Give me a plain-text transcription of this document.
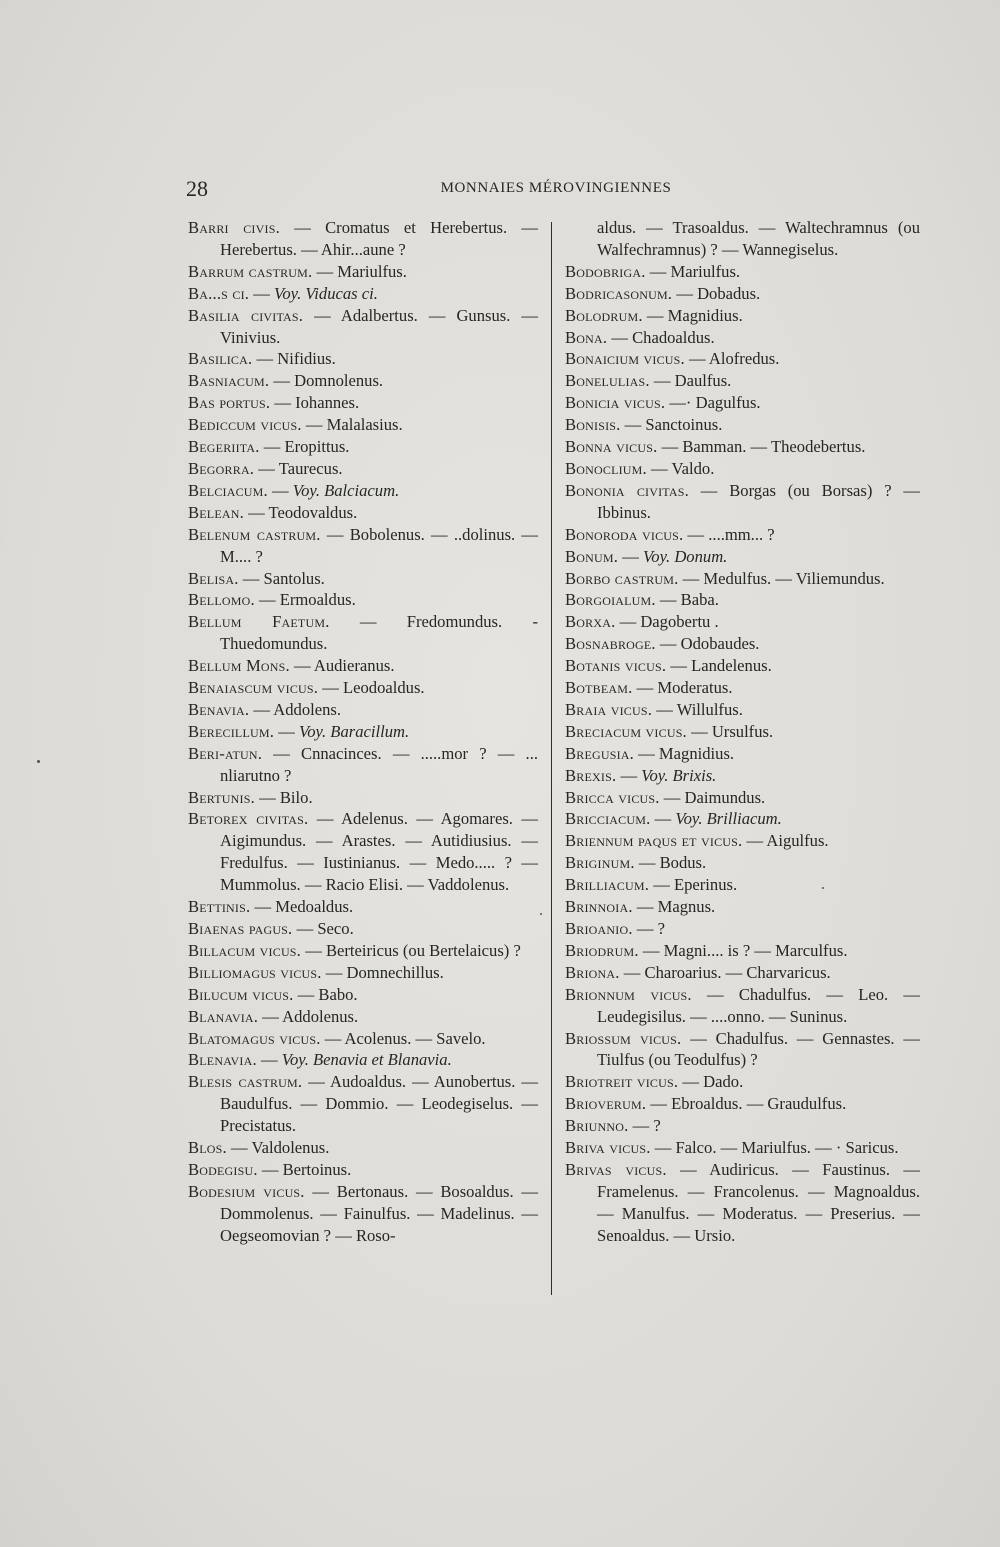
28	MONNAIES MÉROVINGIENNES

Barri civis. — Cromatus et Herebertus. — Herebertus. — Ahir...aune ?

Barrum castrum. — Mariulfus.

Ba...s ci. — Voy. Viducas ci.

Basilia civitas. — Adalbertus. — Gunsus. — Vinivius.

Basilica. — Nifidius.

Basniacum. — Domnolenus.

Bas portus. — Iohannes.

Bediccum vicus. — Malalasius.

Begeriita. — Eropittus.

Begorra. — Taurecus.

Belciacum. — Voy. Balciacum.

Belean. — Teodovaldus.

Belenum castrum. — Bobolenus. — ..dolinus. — M.... ?

Belisa. — Santolus.

Bellomo. — Ermoaldus.

Bellum Faetum. — Fredomundus. - Thuedomundus.

Bellum Mons. — Audieranus.

Benaiascum vicus. — Leodoaldus.

Benavia. — Addolens.

Berecillum. — Voy. Baracillum.

Beri-atun. — Cnnacinces. — .....mor ? — ... nliarutno ?

Bertunis. — Bilo.

Betorex civitas. — Adelenus. — Agomares. — Aigimundus. — Arastes. — Autidiusius. — Fredulfus. — Iustinianus. — Medo..... ? — Mummolus. — Racio Elisi. — Vaddolenus.

Bettinis. — Medoaldus.

Biaenas pagus. — Seco.

Billacum vicus. — Berteiricus (ou Bertelaicus) ?

Billiomagus vicus. — Domnechillus.

Bilucum vicus. — Babo.

Blanavia. — Addolenus.

Blatomagus vicus. — Acolenus. — Savelo.

Blenavia. — Voy. Benavia et Blanavia.

Blesis castrum. — Audoaldus. — Aunobertus. — Baudulfus. — Dommio. — Leodegiselus. — Precistatus.

Blos. — Valdolenus.

Bodegisu. — Bertoinus.

Bodesium vicus. — Bertonaus. — Bosoaldus. — Dommolenus. — Fainulfus. — Madelinus. — Oegseomovian ? — Roso-

aldus. — Trasoaldus. — Waltechramnus (ou Walfechramnus) ? — Wannegiselus.

Bodobriga. — Mariulfus.

Bodricasonum. — Dobadus.

Bolodrum. — Magnidius.

Bona. — Chadoaldus.

Bonaicium vicus. — Alofredus.

Bonelulias. — Daulfus.

Bonicia vicus. —· Dagulfus.

Bonisis. — Sanctoinus.

Bonna vicus. — Bamman. — Theodebertus.

Bonoclium. — Valdo.

Bononia civitas. — Borgas (ou Borsas) ? — Ibbinus.

Bonoroda vicus. — ....mm... ?

Bonum. — Voy. Donum.

Borbo castrum. — Medulfus. — Viliemundus.

Borgoialum. — Baba.

Borxa. — Dagobertu .

Bosnabroge. — Odobaudes.

Botanis vicus. — Landelenus.

Botbeam. — Moderatus.

Braia vicus. — Willulfus.

Breciacum vicus. — Ursulfus.

Bregusia. — Magnidius.

Brexis. — Voy. Brixis.

Bricca vicus. — Daimundus.

Bricciacum. — Voy. Brilliacum.

Briennum paqus et vicus. — Aigulfus.

Briginum. — Bodus.

Brilliacum. — Eperinus.

Brinnoia. — Magnus.

Brioanio. — ?

Briodrum. — Magni.... is ? — Marculfus.

Briona. — Charoarius. — Charvaricus.

Brionnum vicus. — Chadulfus. — Leo. — Leudegisilus. — ....onno. — Suninus.

Briossum vicus. — Chadulfus. — Gennastes. — Tiulfus (ou Teodulfus) ?

Briotreit vicus. — Dado.

Brioverum. — Ebroaldus. — Graudulfus.

Briunno. — ?

Briva vicus. — Falco. — Mariulfus. — · Saricus.

Brivas vicus. — Audiricus. — Faustinus. — Framelenus. — Francolenus. — Magnoaldus. — Manulfus. — Moderatus. — Preserius. — Senoaldus. — Ursio.
